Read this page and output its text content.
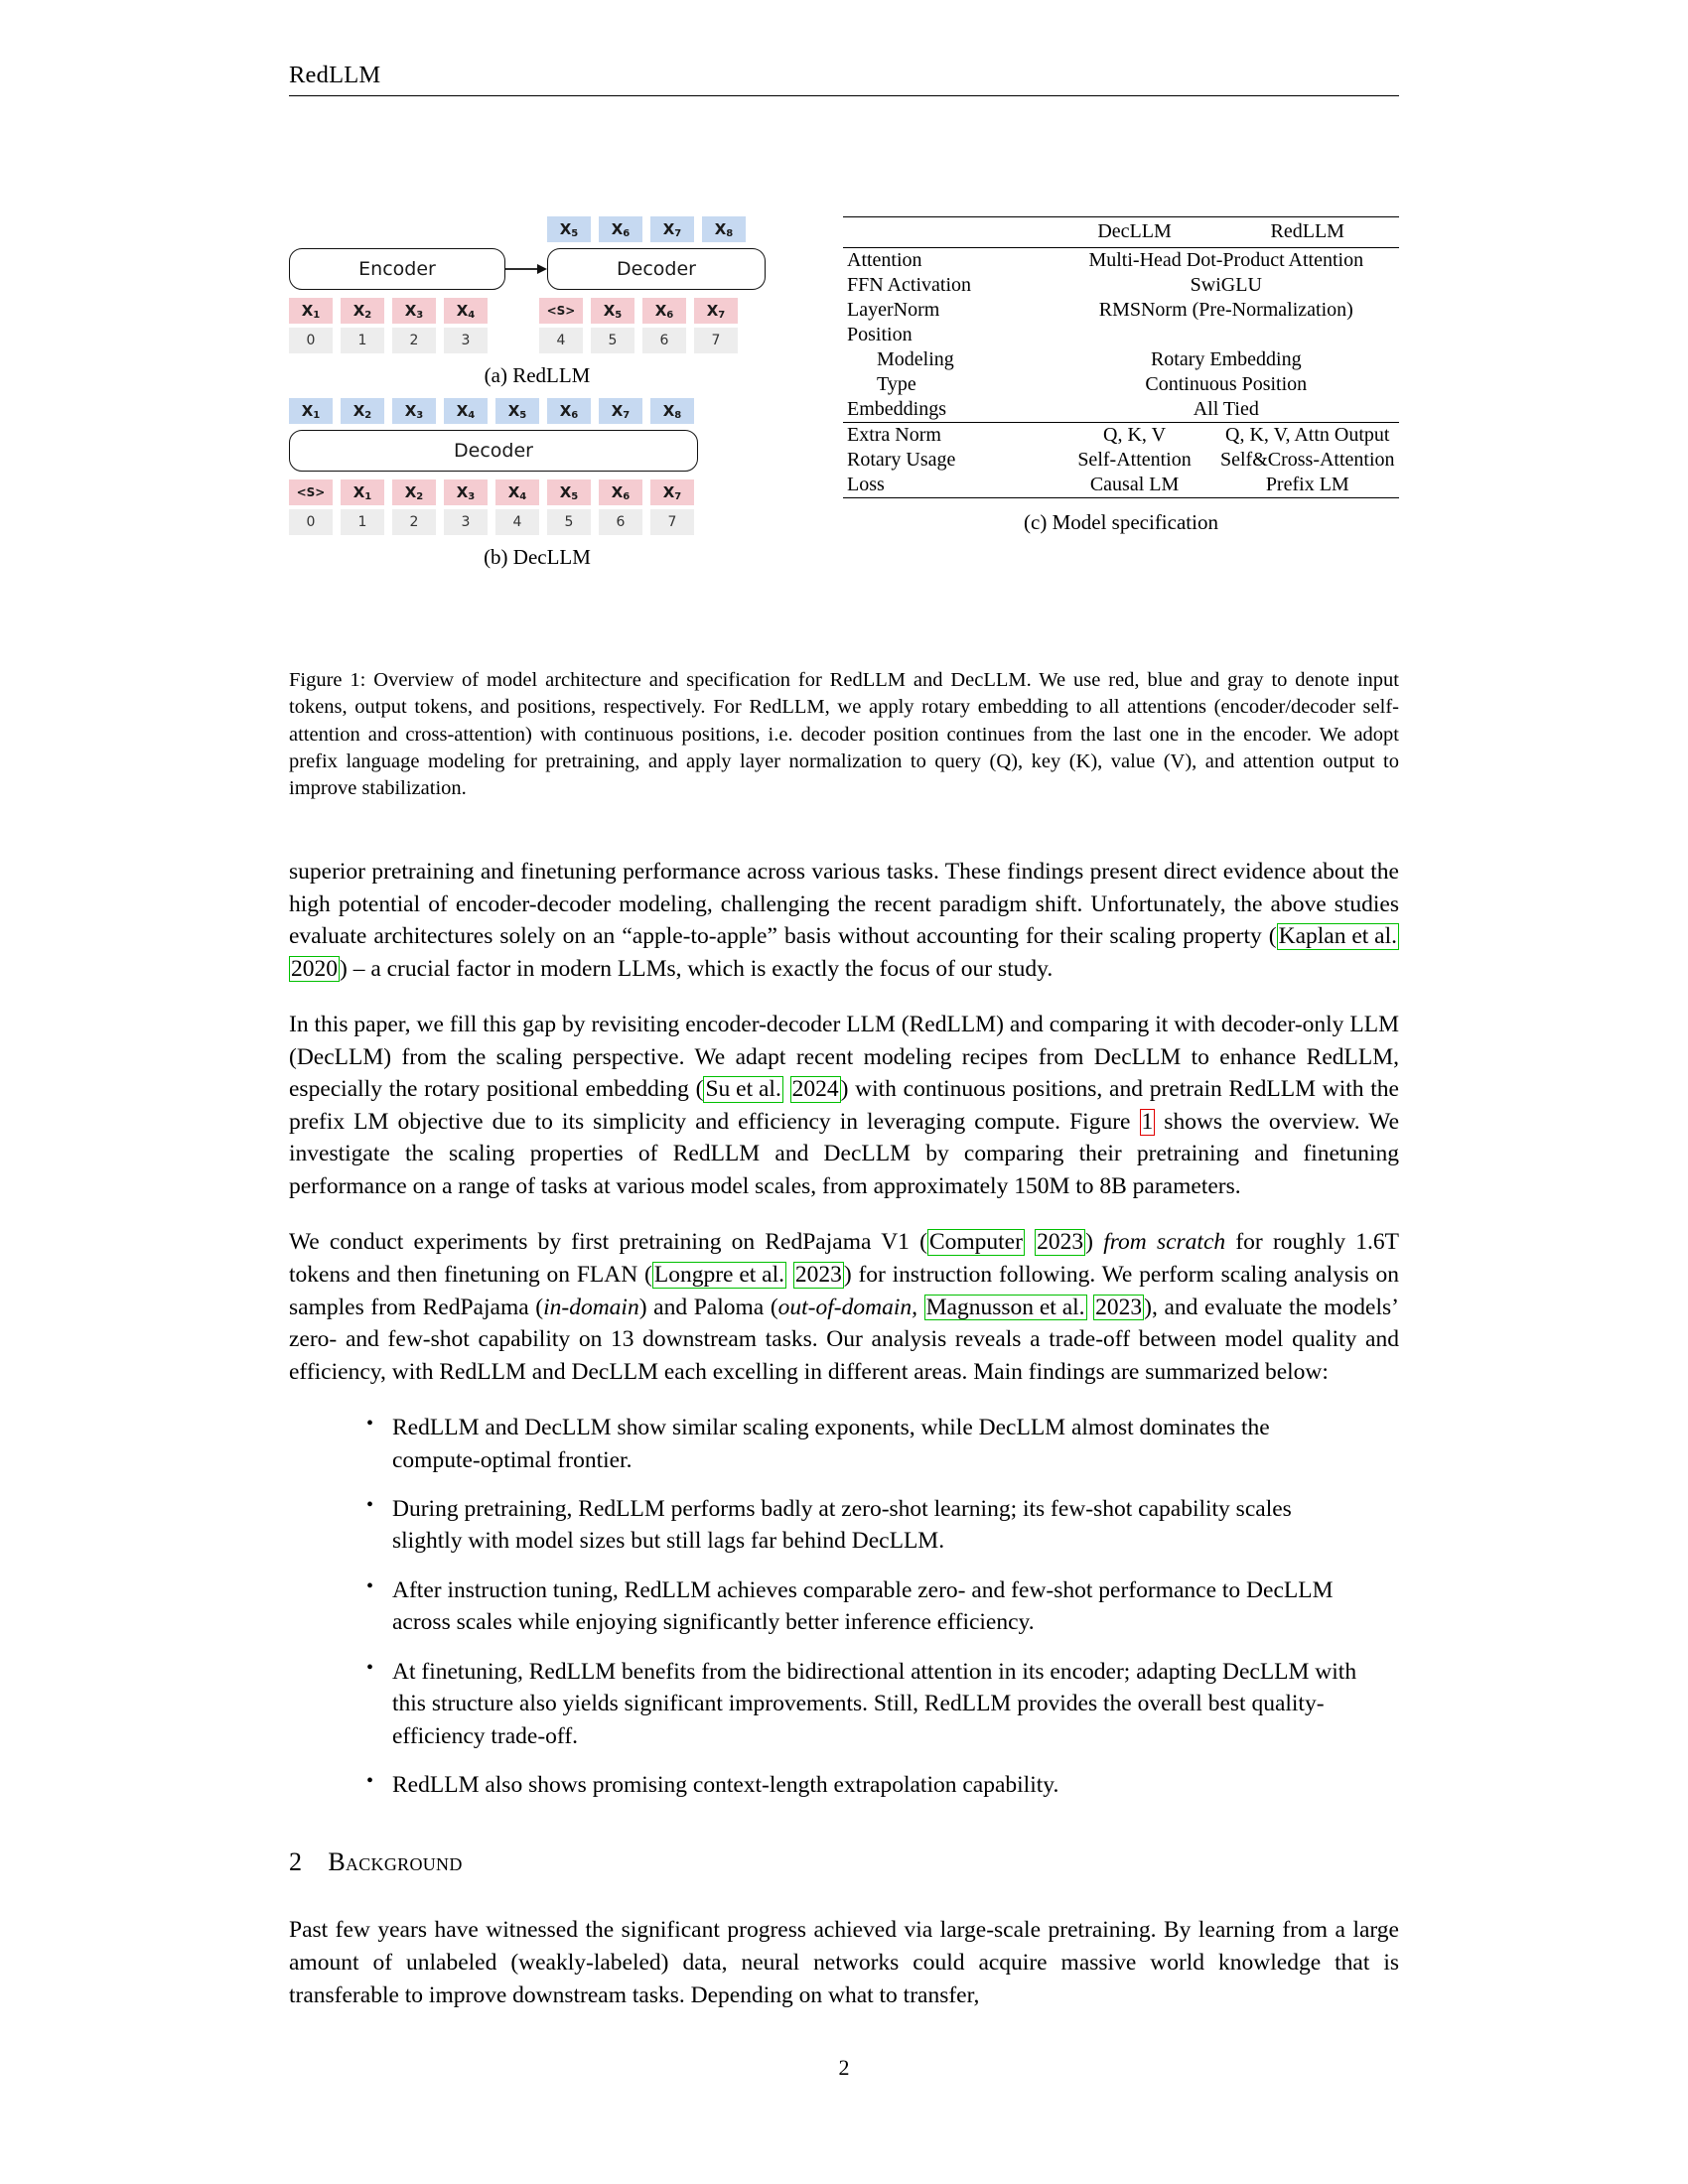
RedLLM
$X_5$	$X_6$	$X_7$	$X_8$
Encoder	Decoder
$X_1$	$X_2$	$X_3$	$X_4$	<S>	$X_5$	$X_6$	$X_7$
0	1	2	3	4	5	6	7
(a) RedLLM
$X_1$	$X_2$	$X_3$	$X_4$	$X_5$	$X_6$	$X_7$	$X_8$
Decoder
<S>	$X_1$	$X_2$	$X_3$	$X_4$	$X_5$	$X_6$	$X_7$
0	1	2	3	4	5	6	7
(b) DecLLM
	DecLLM	RedLLM
Attention	Multi-Head Dot-Product Attention	
FFN Activation	SwiGLU	
LayerNorm	RMSNorm (Pre-Normalization)	
Position		
Modeling	Rotary Embedding	
Type	Continuous Position	
Embeddings	All Tied	
Extra Norm	Q, K, V	Q, K, V, Attn Output
Rotary Usage	Self-Attention	Self&Cross-Attention
Loss	Causal LM	Prefix LM
(c) Model specification
Figure 1: Overview of model architecture and specification for RedLLM and DecLLM. We use red, blue and gray to denote input tokens, output tokens, and positions, respectively. For RedLLM, we apply rotary embedding to all attentions (encoder/decoder self-attention and cross-attention) with continuous positions, i.e. decoder position continues from the last one in the encoder. We adopt prefix language modeling for pretraining, and apply layer normalization to query (Q), key (K), value (V), and attention output to improve stabilization.

superior pretraining and finetuning performance across various tasks. These findings present direct evidence about the high potential of encoder-decoder modeling, challenging the recent paradigm shift. Unfortunately, the above studies evaluate architectures solely on an “apple-to-apple” basis without accounting for their scaling property (Kaplan et al. 2020) – a crucial factor in modern LLMs, which is exactly the focus of our study.

In this paper, we fill this gap by revisiting encoder-decoder LLM (RedLLM) and comparing it with decoder-only LLM (DecLLM) from the scaling perspective. We adapt recent modeling recipes from DecLLM to enhance RedLLM, especially the rotary positional embedding (Su et al. 2024) with continuous positions, and pretrain RedLLM with the prefix LM objective due to its simplicity and efficiency in leveraging compute. Figure 1 shows the overview. We investigate the scaling properties of RedLLM and DecLLM by comparing their pretraining and finetuning performance on a range of tasks at various model scales, from approximately 150M to 8B parameters.

We conduct experiments by first pretraining on RedPajama V1 (Computer 2023) from scratch for roughly 1.6T tokens and then finetuning on FLAN (Longpre et al. 2023) for instruction following. We perform scaling analysis on samples from RedPajama (in-domain) and Paloma (out-of-domain, Magnusson et al. 2023), and evaluate the models’ zero- and few-shot capability on 13 downstream tasks. Our analysis reveals a trade-off between model quality and efficiency, with RedLLM and DecLLM each excelling in different areas. Main findings are summarized below:

• RedLLM and DecLLM show similar scaling exponents, while DecLLM almost dominates the compute-optimal frontier.
• During pretraining, RedLLM performs badly at zero-shot learning; its few-shot capability scales slightly with model sizes but still lags far behind DecLLM.
• After instruction tuning, RedLLM achieves comparable zero- and few-shot performance to DecLLM across scales while enjoying significantly better inference efficiency.
• At finetuning, RedLLM benefits from the bidirectional attention in its encoder; adapting DecLLM with this structure also yields significant improvements. Still, RedLLM provides the overall best quality-efficiency trade-off.
• RedLLM also shows promising context-length extrapolation capability.
2 Background

Past few years have witnessed the significant progress achieved via large-scale pretraining. By learning from a large amount of unlabeled (weakly-labeled) data, neural networks could acquire massive world knowledge that is transferable to improve downstream tasks. Depending on what to transfer,

2
